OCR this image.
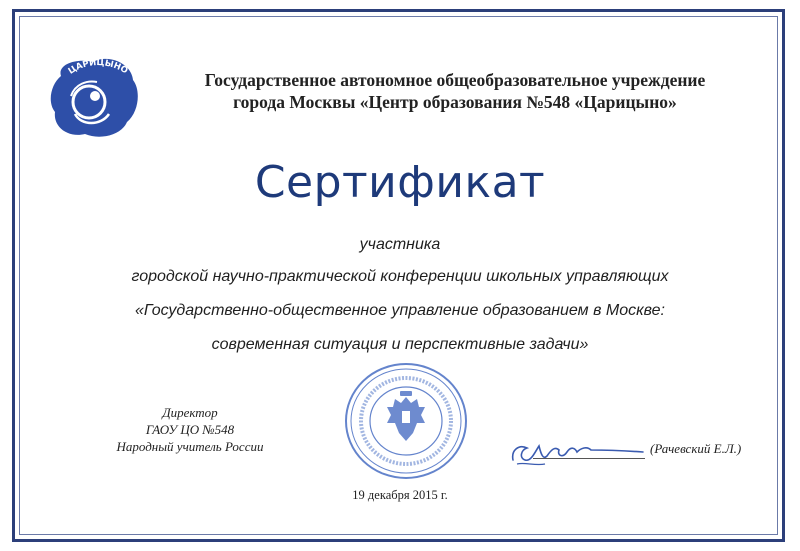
ЦАРИЦЫНО	Государственное автономное общеобразовательное учреждение
города Москвы «Центр образования №548 «Царицыно»
Сертификат
участника
городской научно-практической конференции школьных управляющих
«Государственно-общественное управление образованием в Москве:
современная ситуация и перспективные задачи»
Директор
ГАОУ ЦО №548
Народный учитель России	(Рачевский Е.Л.)
19 декабря 2015 г.
